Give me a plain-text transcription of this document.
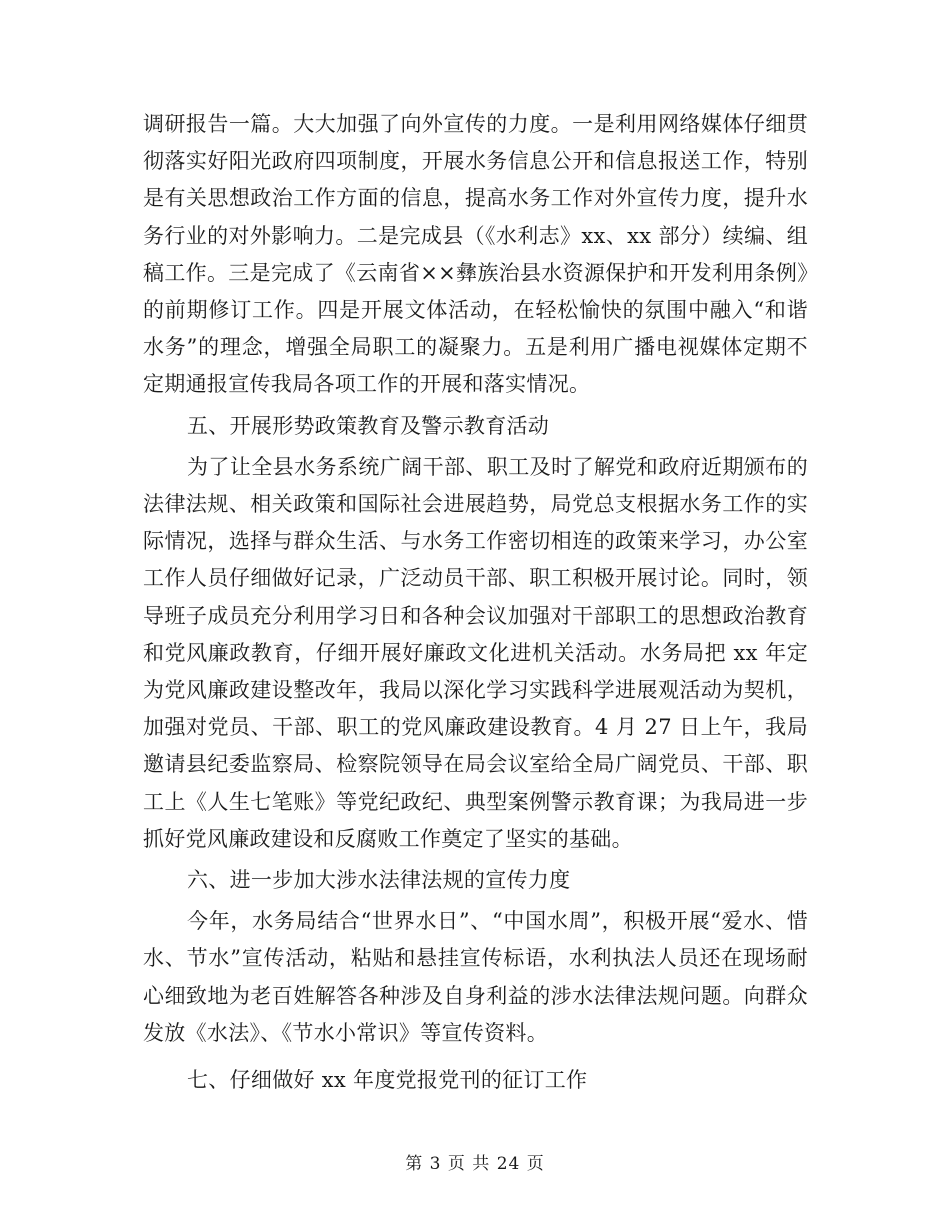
调研报告一篇。大大加强了向外宣传的力度。一是利用网络媒体仔细贯彻落实好阳光政府四项制度，开展水务信息公开和信息报送工作，特别是有关思想政治工作方面的信息，提高水务工作对外宣传力度，提升水务行业的对外影响力。二是完成县（《水利志》xx、xx 部分）续编、组稿工作。三是完成了《云南省××彝族治县水资源保护和开发利用条例》的前期修订工作。四是开展文体活动，在轻松愉快的氛围中融入“和谐水务”的理念，增强全局职工的凝聚力。五是利用广播电视媒体定期不定期通报宣传我局各项工作的开展和落实情况。

五、开展形势政策教育及警示教育活动

为了让全县水务系统广阔干部、职工及时了解党和政府近期颁布的法律法规、相关政策和国际社会进展趋势，局党总支根据水务工作的实际情况，选择与群众生活、与水务工作密切相连的政策来学习，办公室工作人员仔细做好记录，广泛动员干部、职工积极开展讨论。同时，领导班子成员充分利用学习日和各种会议加强对干部职工的思想政治教育和党风廉政教育，仔细开展好廉政文化进机关活动。水务局把 xx 年定为党风廉政建设整改年，我局以深化学习实践科学进展观活动为契机，加强对党员、干部、职工的党风廉政建设教育。4 月 27 日上午，我局邀请县纪委监察局、检察院领导在局会议室给全局广阔党员、干部、职工上《人生七笔账》等党纪政纪、典型案例警示教育课；为我局进一步抓好党风廉政建设和反腐败工作奠定了坚实的基础。

六、进一步加大涉水法律法规的宣传力度

今年，水务局结合“世界水日”、“中国水周”，积极开展“爱水、惜水、节水”宣传活动，粘贴和悬挂宣传标语，水利执法人员还在现场耐心细致地为老百姓解答各种涉及自身利益的涉水法律法规问题。向群众发放《水法》、《节水小常识》等宣传资料。

七、仔细做好 xx 年度党报党刊的征订工作

第 3 页 共 24 页
